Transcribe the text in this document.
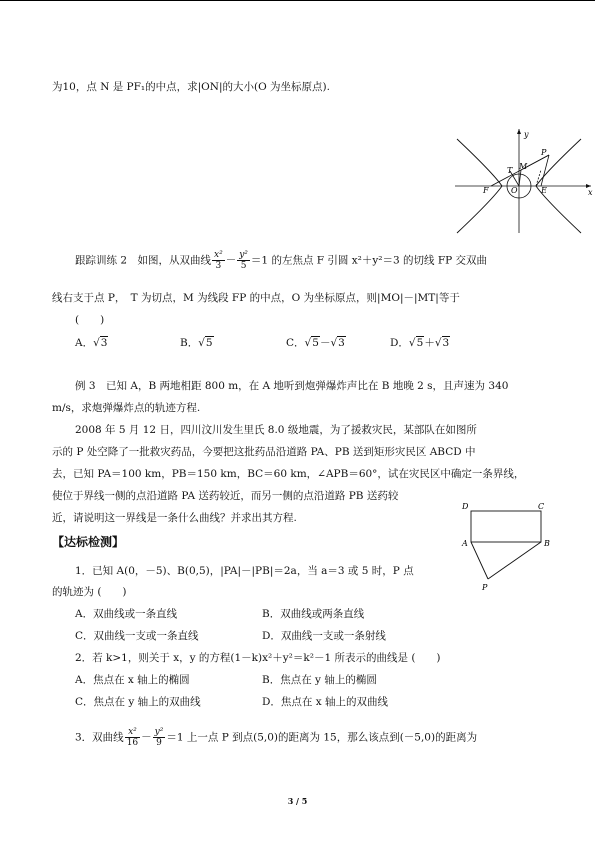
为10，点 N 是 PF₁的中点，求|ON|的大小(O 为坐标原点).
y
x
P
M
T
F	O	E
跟踪训练 2　如图，从双曲线 $\frac{\text{x²}}{3} - \frac{\text{y²}}{5} =1$ 的左焦点 F 引圆 x²＋y²＝3 的切线 FP 交双曲
线右支于点 P，　T 为切点，M 为线段 FP 的中点，O 为坐标原点，则|MO|－|MT|等于
(　　)
A．√3	B．√5	C．√5－√3	D．√5＋√3
例 3　已知 A，B 两地相距 800 m，在 A 地听到炮弹爆炸声比在 B 地晚 2 s，且声速为 340
m/s，求炮弹爆炸点的轨迹方程.
2008 年 5 月 12 日，四川汶川发生里氏 8.0 级地震，为了援救灾民，某部队在如图所
示的 P 处空降了一批救灾药品，今要把这批药品沿道路 PA、PB 送到矩形灾民区 ABCD 中
去，已知 PA＝100 km，PB＝150 km，BC＝60 km，∠APB＝60°，试在灾民区中确定一条界线，
使位于界线一侧的点沿道路 PA 送药较近，而另一侧的点沿道路 PB 送药较
近，请说明这一界线是一条什么曲线？并求出其方程.
D	C
A	B
P
【达标检测】
1．已知 A(0，－5)、B(0,5)，|PA|－|PB|＝2a，当 a＝3 或 5 时，P 点
的轨迹为 (　　)
A．双曲线或一条直线	B．双曲线或两条直线
C．双曲线一支或一条直线	D．双曲线一支或一条射线
2．若 k>1，则关于 x，y 的方程(1－k)x²＋y²＝k²－1 所表示的曲线是 (　　)
A．焦点在 x 轴上的椭圆	B．焦点在 y 轴上的椭圆
C．焦点在 y 轴上的双曲线	D．焦点在 x 轴上的双曲线
3．双曲线 $\frac{\text{x²}}{16} - \frac{\text{y²}}{9} =1$ 上一点 P 到点(5,0)的距离为 15，那么该点到(－5,0)的距离为
3 / 5
